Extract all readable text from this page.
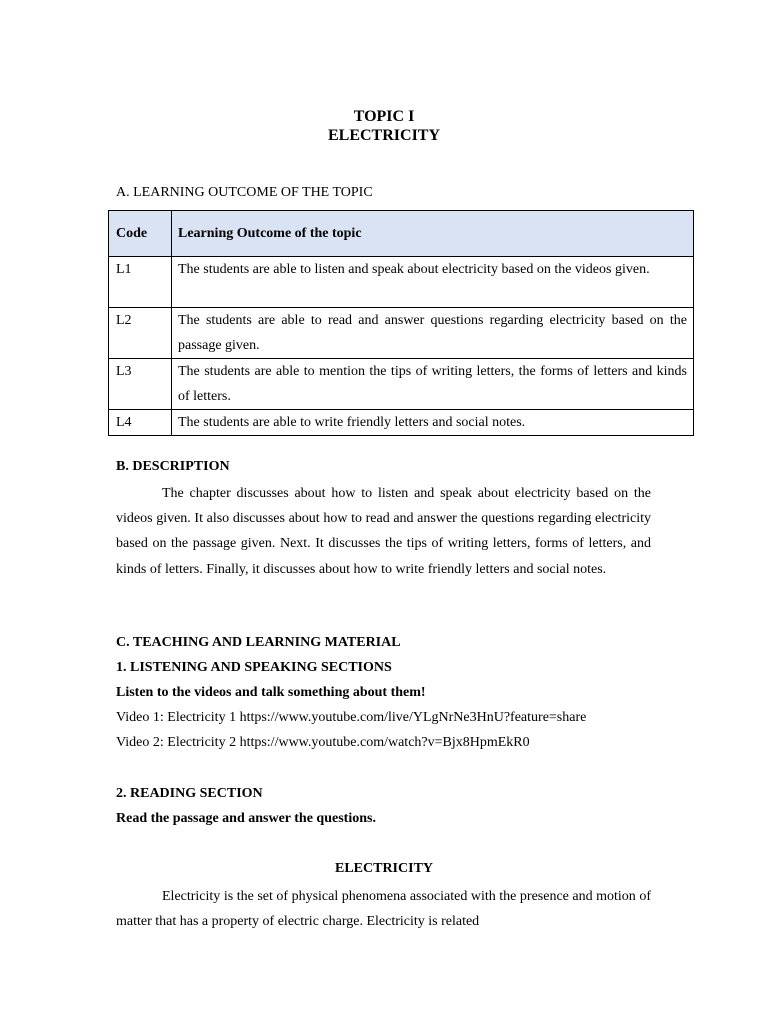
TOPIC I
ELECTRICITY

A. LEARNING OUTCOME OF THE TOPIC

Code	Learning Outcome of the topic

L1	The students are able to listen and speak about electricity based on the videos given.

L2	The students are able to read and answer questions regarding electricity based on the passage given.

L3	The students are able to mention the tips of writing letters, the forms of letters and kinds of letters.

L4	The students are able to write friendly letters and social notes.

B. DESCRIPTION

The chapter discusses about how to listen and speak about electricity based on the videos given. It also discusses about how to read and answer the questions regarding electricity based on the passage given. Next. It discusses the tips of writing letters, forms of letters, and kinds of letters. Finally, it discusses about how to write friendly letters and social notes.

C. TEACHING AND LEARNING MATERIAL

1. LISTENING AND SPEAKING SECTIONS

Listen to the videos and talk something about them!

Video 1: Electricity 1 https://www.youtube.com/live/YLgNrNe3HnU?feature=share

Video 2: Electricity 2 https://www.youtube.com/watch?v=Bjx8HpmEkR0

2. READING SECTION

Read the passage and answer the questions.

ELECTRICITY

Electricity is the set of physical phenomena associated with the presence and motion of matter that has a property of electric charge. Electricity is related
